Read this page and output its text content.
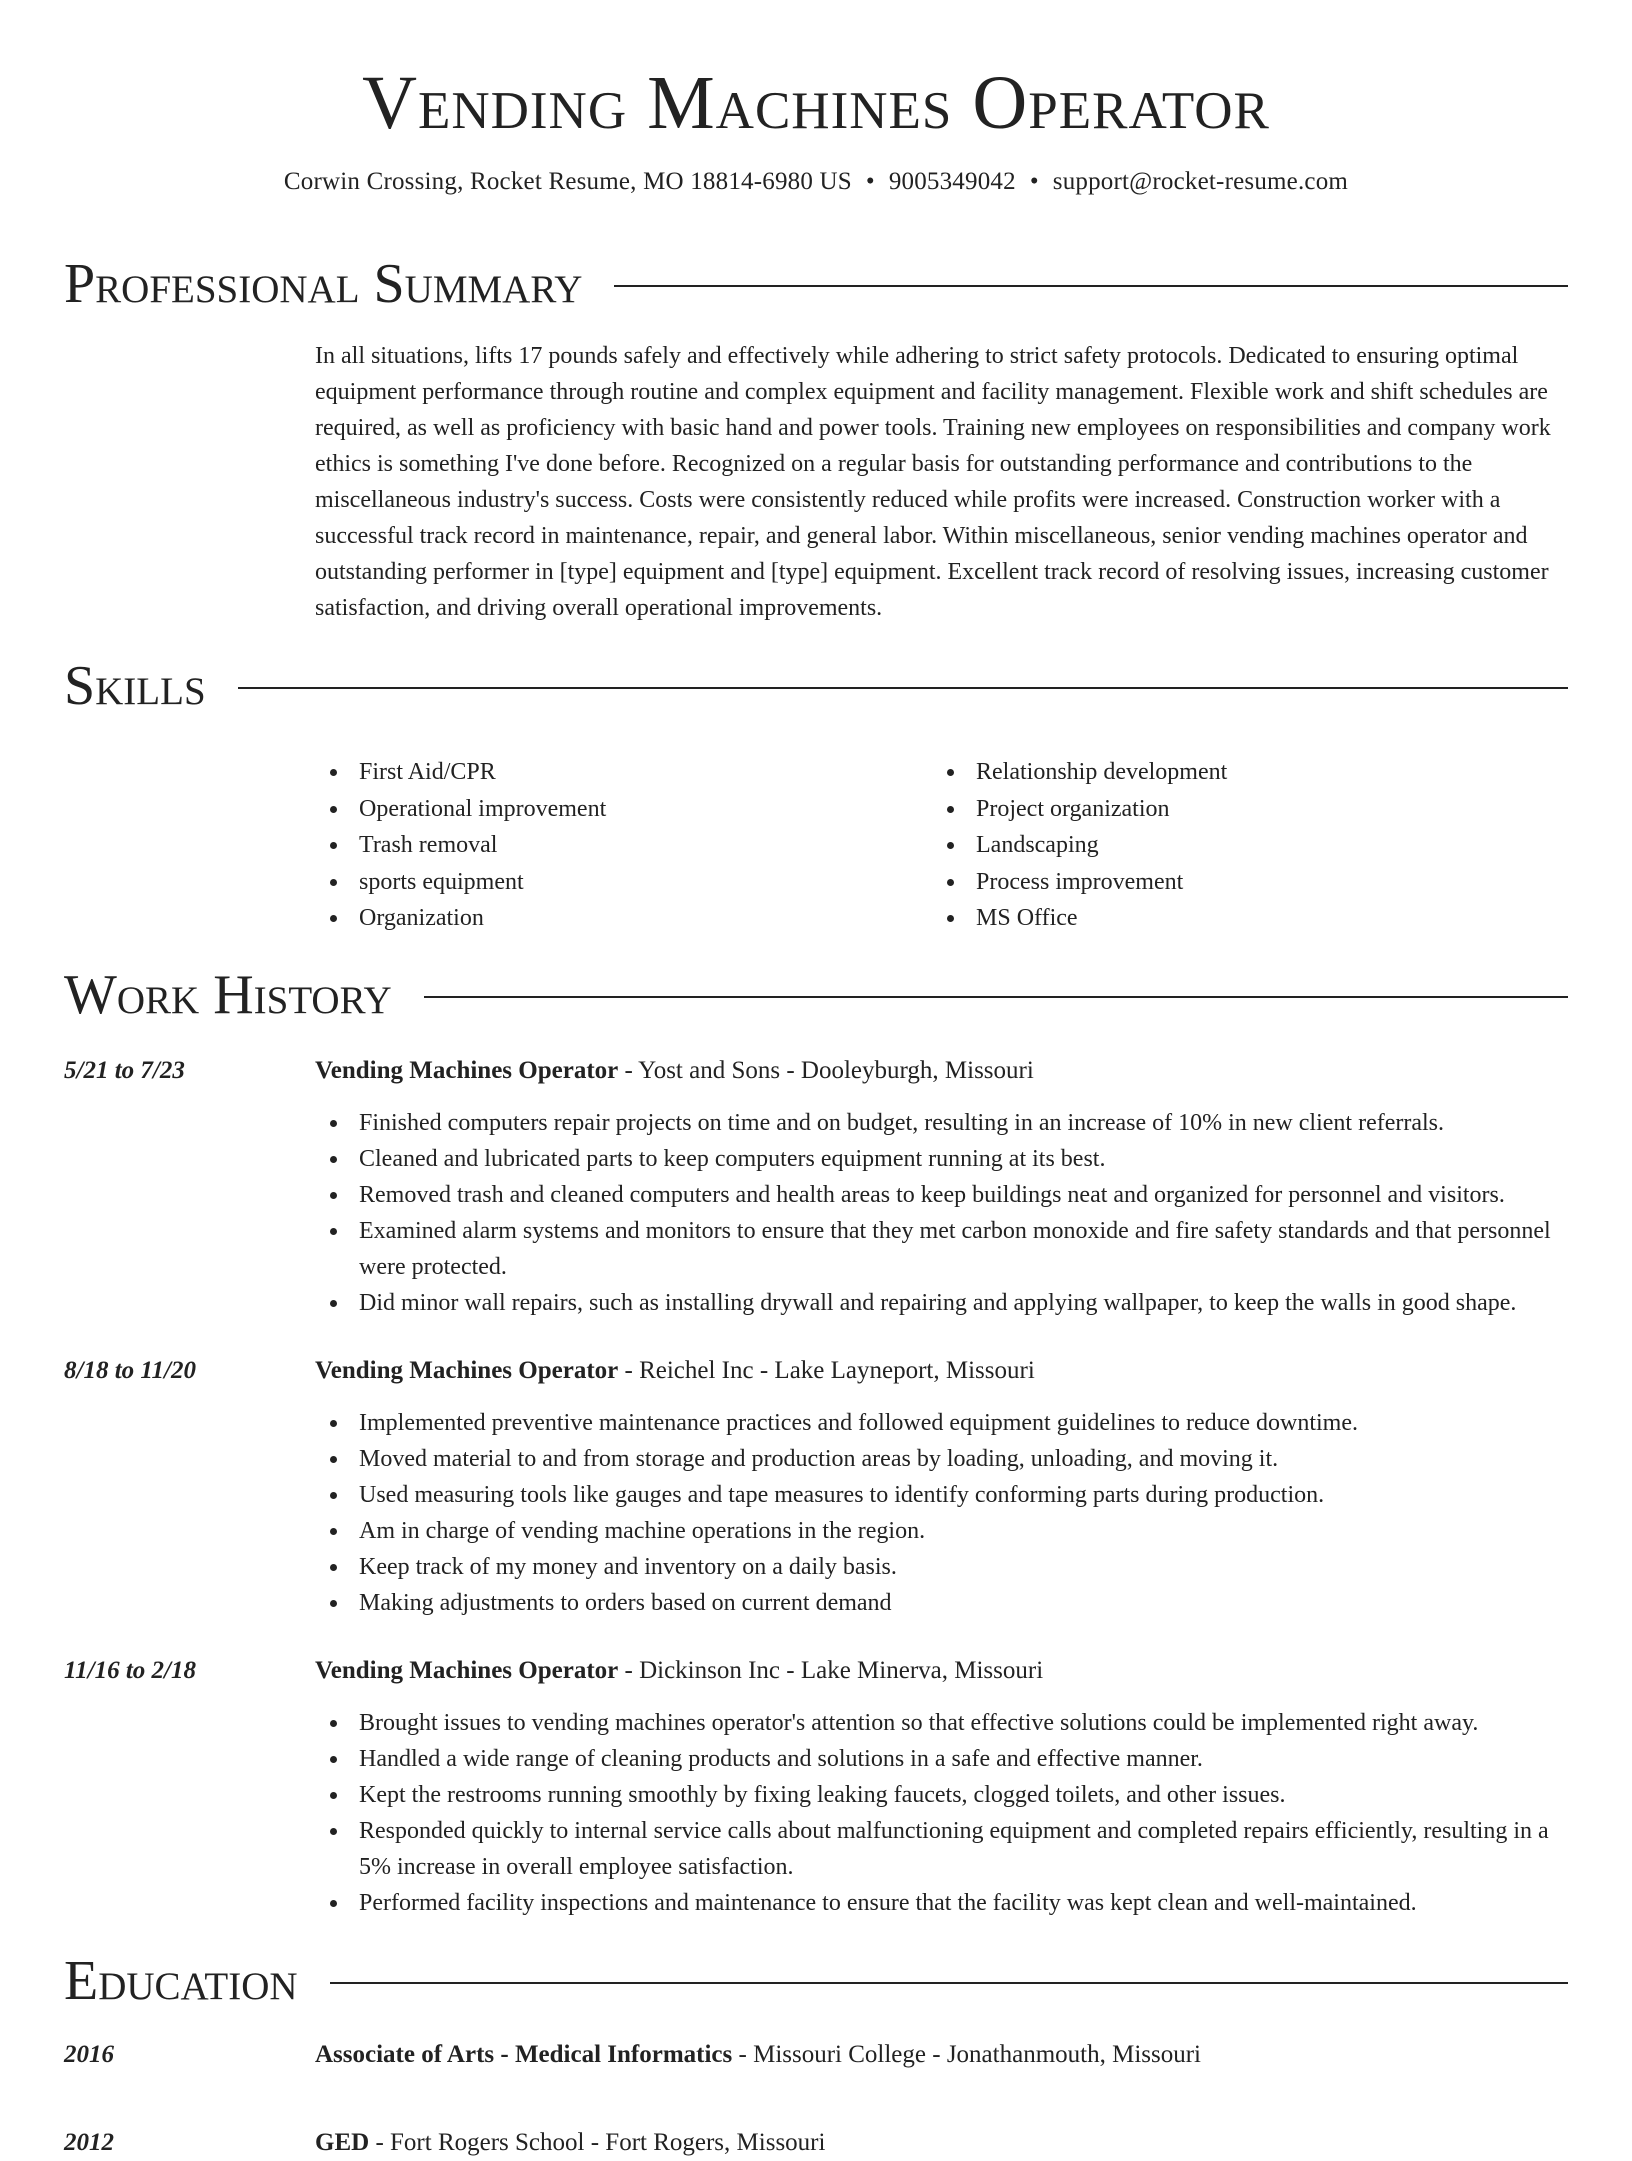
Vending Machines Operator
Corwin Crossing, Rocket Resume, MO 18814-6980 US • 9005349042 • support@rocket-resume.com
Professional Summary

In all situations, lifts 17 pounds safely and effectively while adhering to strict safety protocols. Dedicated to ensuring optimal equipment performance through routine and complex equipment and facility management. Flexible work and shift schedules are required, as well as proficiency with basic hand and power tools. Training new employees on responsibilities and company work ethics is something I've done before. Recognized on a regular basis for outstanding performance and contributions to the miscellaneous industry's success. Costs were consistently reduced while profits were increased. Construction worker with a successful track record in maintenance, repair, and general labor. Within miscellaneous, senior vending machines operator and outstanding performer in [type] equipment and [type] equipment. Excellent track record of resolving issues, increasing customer satisfaction, and driving overall operational improvements.

Skills
First Aid/CPR
Operational improvement
Trash removal
sports equipment
Organization
Relationship development
Project organization
Landscaping
Process improvement
MS Office
Work History
5/21 to 7/23	Vending Machines Operator - Yost and Sons - Dooleyburgh, Missouri
Finished computers repair projects on time and on budget, resulting in an increase of 10% in new client referrals.
Cleaned and lubricated parts to keep computers equipment running at its best.
Removed trash and cleaned computers and health areas to keep buildings neat and organized for personnel and visitors.
Examined alarm systems and monitors to ensure that they met carbon monoxide and fire safety standards and that personnel were protected.
Did minor wall repairs, such as installing drywall and repairing and applying wallpaper, to keep the walls in good shape.
8/18 to 11/20	Vending Machines Operator - Reichel Inc - Lake Layneport, Missouri
Implemented preventive maintenance practices and followed equipment guidelines to reduce downtime.
Moved material to and from storage and production areas by loading, unloading, and moving it.
Used measuring tools like gauges and tape measures to identify conforming parts during production.
Am in charge of vending machine operations in the region.
Keep track of my money and inventory on a daily basis.
Making adjustments to orders based on current demand
11/16 to 2/18	Vending Machines Operator - Dickinson Inc - Lake Minerva, Missouri
Brought issues to vending machines operator's attention so that effective solutions could be implemented right away.
Handled a wide range of cleaning products and solutions in a safe and effective manner.
Kept the restrooms running smoothly by fixing leaking faucets, clogged toilets, and other issues.
Responded quickly to internal service calls about malfunctioning equipment and completed repairs efficiently, resulting in a 5% increase in overall employee satisfaction.
Performed facility inspections and maintenance to ensure that the facility was kept clean and well-maintained.
Education
2016	Associate of Arts - Medical Informatics - Missouri College - Jonathanmouth, Missouri
2012	GED - Fort Rogers School - Fort Rogers, Missouri
